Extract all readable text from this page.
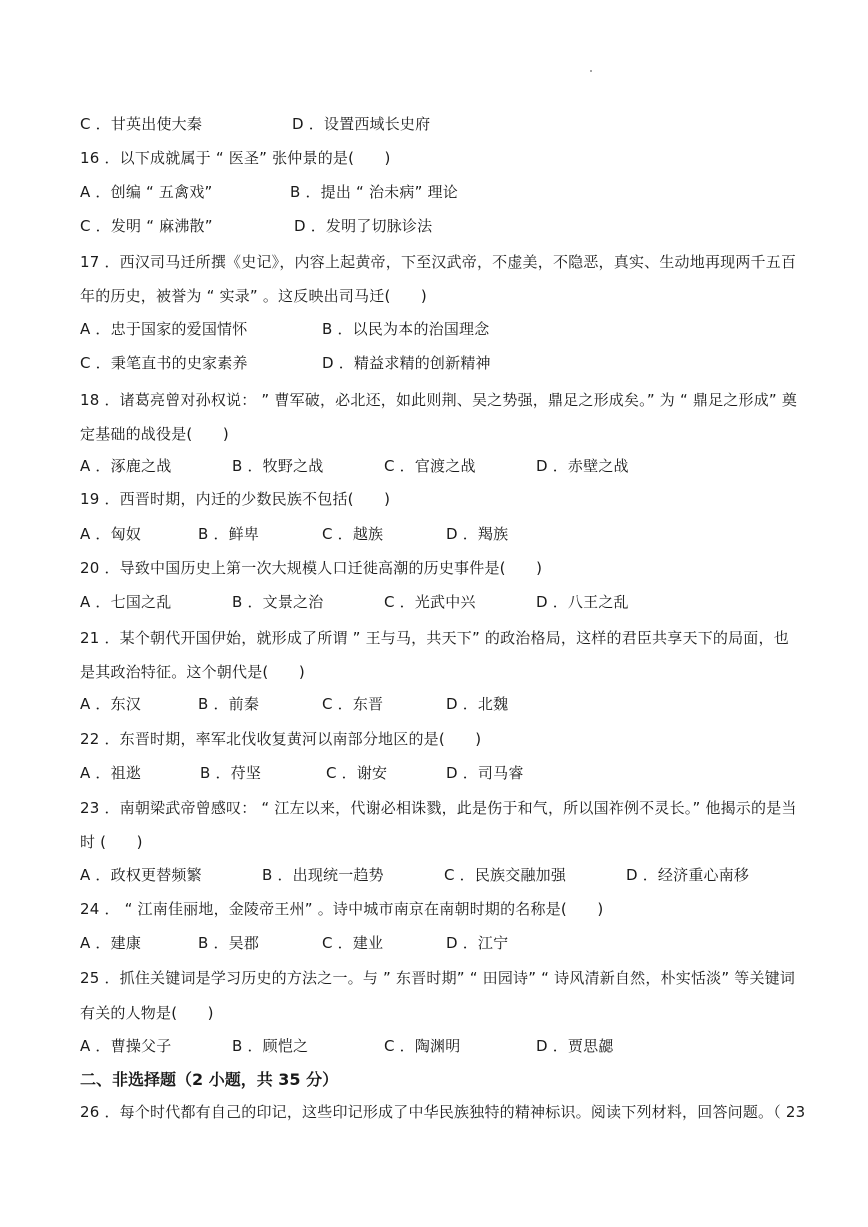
C ．甘英出使大秦	D ．设置西域长史府
16 ．以下成就属于 “ 医圣” 张仲景的是(　　)
A ．创编 “ 五禽戏”	B ．提出 “ 治未病” 理论
C ．发明 “ 麻沸散”	D ．发明了切脉诊法
17 ．西汉司马迁所撰《史记》，内容上起黄帝，下至汉武帝，不虚美，不隐恶，真实、生动地再现两千五百
年的历史，被誉为 “ 实录” 。这反映出司马迁(　　)
A ．忠于国家的爱国情怀	B ．以民为本的治国理念
C ．秉笔直书的史家素养	D ．精益求精的创新精神
18 ．诸葛亮曾对孙权说： ” 曹军破，必北还，如此则荆、吴之势强，鼎足之形成矣。” 为 “ 鼎足之形成” 奠
定基础的战役是(　　)
A ．涿鹿之战	B ．牧野之战	C ．官渡之战	D ．赤壁之战
19 ．西晋时期，内迁的少数民族不包括(　　)
A ．匈奴	B ．鲜卑	C ．越族	D ．羯族
20 ．导致中国历史上第一次大规模人口迁徙高潮的历史事件是(　　)
A ．七国之乱	B ．文景之治	C ．光武中兴	D ．八王之乱
21 ．某个朝代开国伊始，就形成了所谓 ” 王与马，共天下” 的政治格局，这样的君臣共享天下的局面，也
是其政治特征。这个朝代是(　　)
A ．东汉	B ．前秦	C ．东晋	D ．北魏
22 ．东晋时期，率军北伐收复黄河以南部分地区的是(　　)
A ．祖逖	B ．苻坚	C ．谢安	D ．司马睿
23 ．南朝梁武帝曾感叹： “ 江左以来，代谢必相诛戮，此是伤于和气，所以国祚例不灵长。” 他揭示的是当
时 (　　)
A ．政权更替频繁	B ．出现统一趋势	C ．民族交融加强	D ．经济重心南移
24 ． “ 江南佳丽地，金陵帝王州” 。诗中城市南京在南朝时期的名称是(　　)
A ．建康	B ．吴郡	C ．建业	D ．江宁
25 ．抓住关键词是学习历史的方法之一。与 ” 东晋时期” “ 田园诗” “ 诗风清新自然，朴实恬淡” 等关键词
有关的人物是(　　)
A ．曹操父子	B ．顾恺之	C ．陶渊明	D ．贾思勰
二、非选择题（2 小题，共 35 分）
26 ．每个时代都有自己的印记，这些印记形成了中华民族独特的精神标识。阅读下列材料，回答问题。（ 23
